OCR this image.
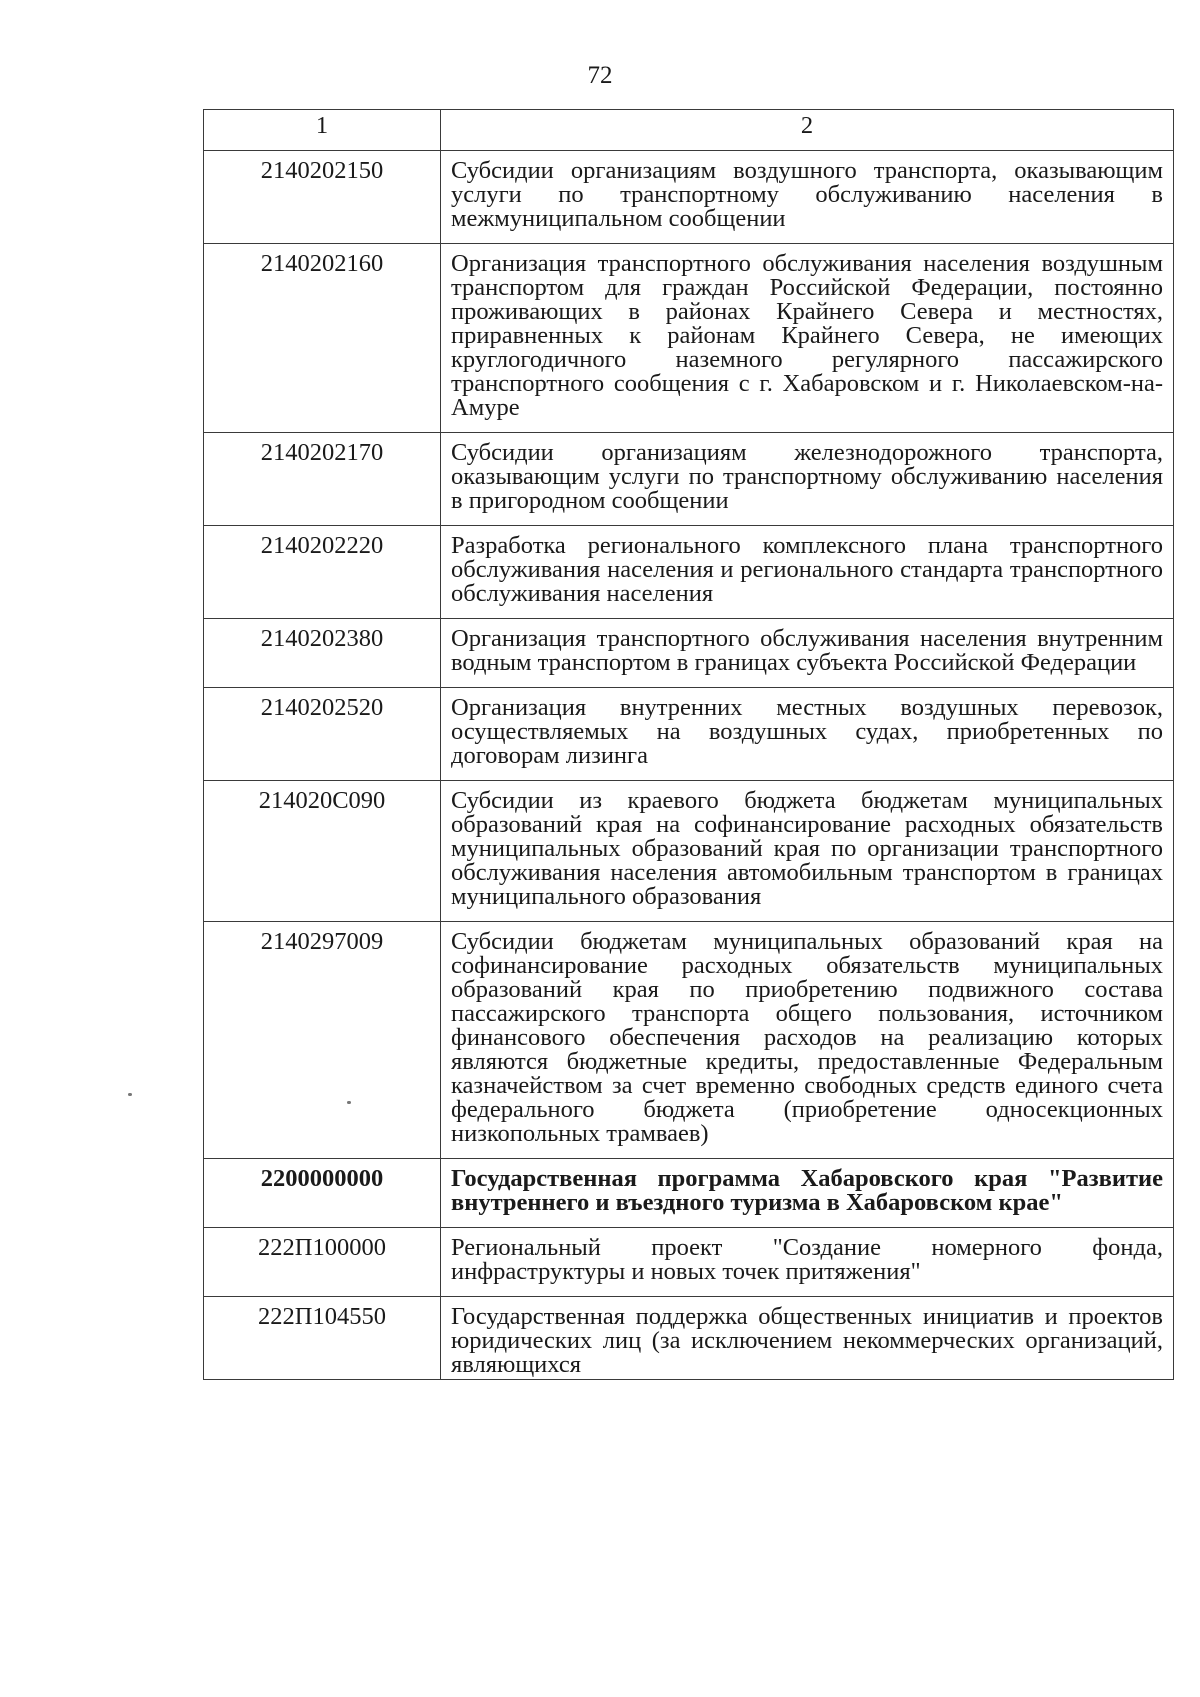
72
1	2
2140202150	Субсидии организациям воздушного транспорта, оказывающим услуги по транспортному обслуживанию населения в межмуниципальном сообщении
2140202160	Организация транспортного обслуживания населения воздушным транспортом для граждан Российской Федерации, постоянно проживающих в районах Крайнего Севера и местностях, приравненных к районам Крайнего Севера, не имеющих круглогодичного наземного регулярного пассажирского транспортного сообщения с г. Хабаровском и г. Николаевском-на-Амуре
2140202170	Субсидии организациям железнодорожного транспорта, оказывающим услуги по транспортному обслуживанию населения в пригородном сообщении
2140202220	Разработка регионального комплексного плана транспортного обслуживания населения и регионального стандарта транспортного обслуживания населения
2140202380	Организация транспортного обслуживания населения внутренним водным транспортом в границах субъекта Российской Федерации
2140202520	Организация внутренних местных воздушных перевозок, осуществляемых на воздушных судах, приобретенных по договорам лизинга
214020С090	Субсидии из краевого бюджета бюджетам муниципальных образований края на софинансирование расходных обязательств муниципальных образований края по организации транспортного обслуживания населения автомобильным транспортом в границах муниципального образования
2140297009	Субсидии бюджетам муниципальных образований края на софинансирование расходных обязательств муниципальных образований края по приобретению подвижного состава пассажирского транспорта общего пользования, источником финансового обеспечения расходов на реализацию которых являются бюджетные кредиты, предоставленные Федеральным казначейством за счет временно свободных средств единого счета федерального бюджета (приобретение односекционных низкопольных трамваев)
2200000000	Государственная программа Хабаровского края "Развитие внутреннего и въездного туризма в Хабаровском крае"
222П100000	Региональный проект "Создание номерного фонда, инфраструктуры и новых точек притяжения"
222П104550	Государственная поддержка общественных инициатив и проектов юридических лиц (за исключением некоммерческих организаций, являющихся
